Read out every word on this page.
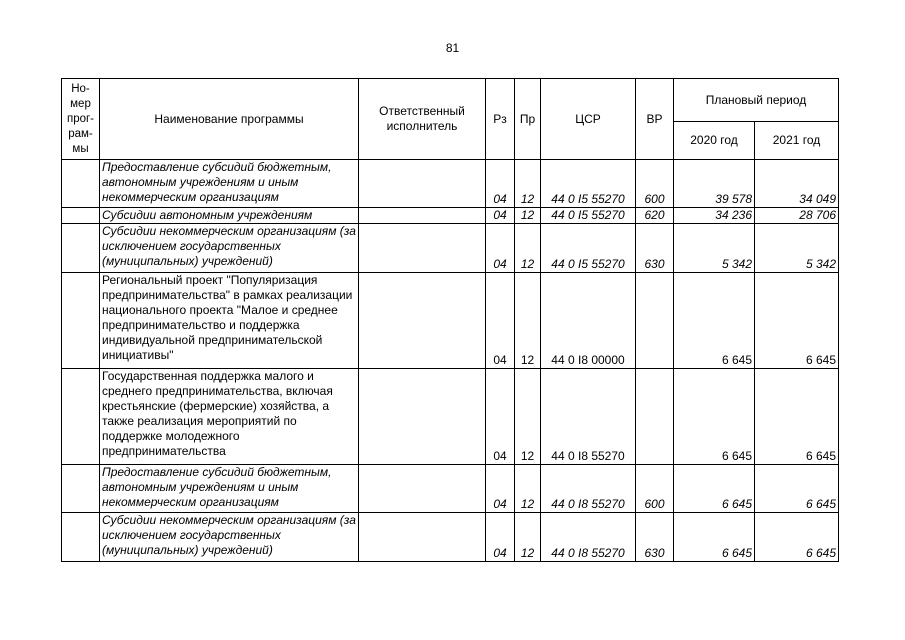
81
Но-
мер
прог-
рам-
мы	Наименование программы	Ответственный исполнитель	Рз	Пр	ЦСР	ВР	Плановый период	
							2020 год	2021 год
	Предоставление субсидий бюджетным, автономным учреждениям и иным некоммерческим организациям		04	12	44 0 I5 55270	600	39 578	34 049
	Субсидии автономным учреждениям		04	12	44 0 I5 55270	620	34 236	28 706
	Субсидии некоммерческим организациям (за исключением государственных (муниципальных) учреждений)		04	12	44 0 I5 55270	630	5 342	5 342
	Региональный проект "Популяризация предпринимательства" в рамках реализации национального проекта "Малое и среднее предпринимательство и поддержка индивидуальной предпринимательской инициативы"		04	12	44 0 I8 00000		6 645	6 645
	Государственная поддержка малого и среднего предпринимательства, включая крестьянские (фермерские) хозяйства, а также реализация мероприятий по поддержке молодежного предпринимательства		04	12	44 0 I8 55270		6 645	6 645
	Предоставление субсидий бюджетным, автономным учреждениям и иным некоммерческим организациям		04	12	44 0 I8 55270	600	6 645	6 645
	Субсидии некоммерческим организациям (за исключением государственных (муниципальных) учреждений)		04	12	44 0 I8 55270	630	6 645	6 645
